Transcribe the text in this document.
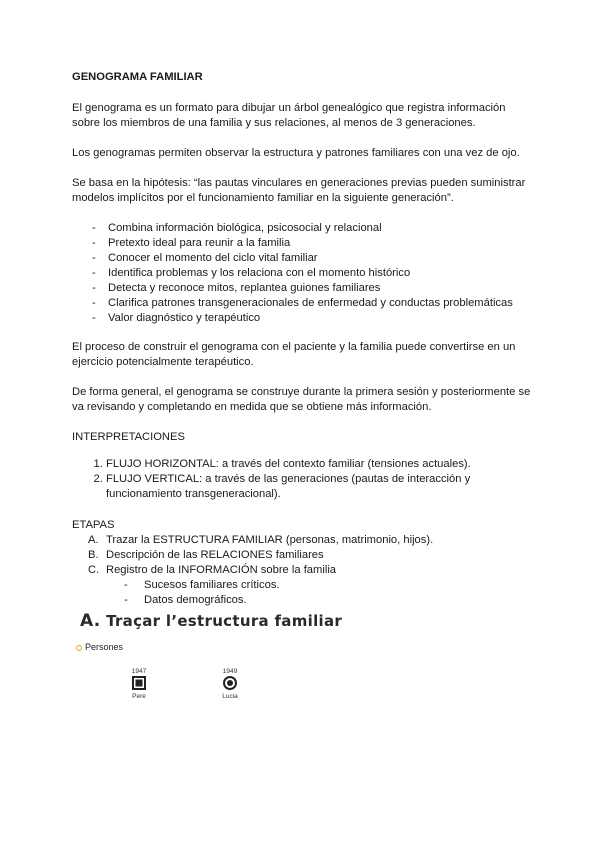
GENOGRAMA FAMILIAR

El genograma es un formato para dibujar un árbol genealógico que registra información sobre los miembros de una familia y sus relaciones, al menos de 3 generaciones.

Los genogramas permiten observar la estructura y patrones familiares con una vez de ojo.

Se basa en la hipótesis: “las pautas vinculares en generaciones previas pueden suministrar modelos implícitos por el funcionamiento familiar en la siguiente generación”.

- Combina información biológica, psicosocial y relacional
- Pretexto ideal para reunir a la familia
- Conocer el momento del ciclo vital familiar
- Identifica problemas y los relaciona con el momento histórico
- Detecta y reconoce mitos, replantea guiones familiares
- Clarifica patrones transgeneracionales de enfermedad y conductas problemáticas
- Valor diagnóstico y terapéutico

El proceso de construir el genograma con el paciente y la familia puede convertirse en un ejercicio potencialmente terapéutico.

De forma general, el genograma se construye durante la primera sesión y posteriormente se va revisando y completando en medida que se obtiene más información.

INTERPRETACIONES

1. FLUJO HORIZONTAL: a través del contexto familiar (tensiones actuales).
2. FLUJO VERTICAL: a través de las generaciones (pautas de interacción y funcionamiento transgeneracional).

ETAPAS

A. Trazar la ESTRUCTURA FAMILIAR (personas, matrimonio, hijos).
B. Descripción de las RELACIONES familiares
C. Registro de la INFORMACIÓN sobre la familia
- Sucesos familiares críticos.
- Datos demográficos.

A. Traçar l’estructura familiar

Persones
1947
Pere
1949
Lucia
